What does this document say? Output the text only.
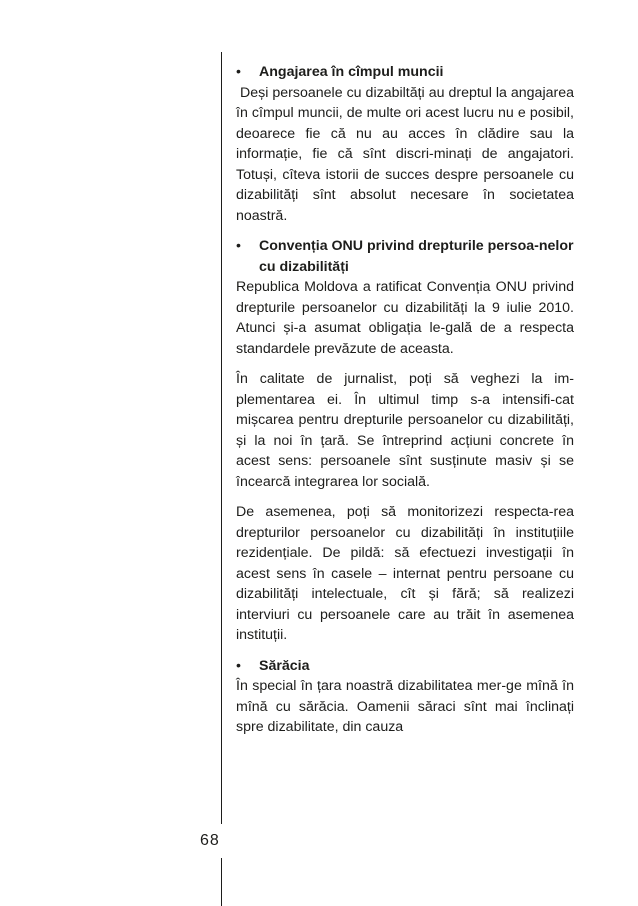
•	Angajarea în cîmpul muncii

Deși persoanele cu dizabiltăți au dreptul la angajarea în cîmpul muncii, de multe ori acest lucru nu e posibil, deoarece fie că nu au acces în clădire sau la informație, fie că sînt discri-minați de angajatori. Totuși, cîteva istorii de succes despre persoanele cu dizabilități sînt absolut necesare în societatea noastră.

•	Convenția ONU privind drepturile persoa-nelor cu dizabilități

Republica Moldova a ratificat Convenția ONU privind drepturile persoanelor cu dizabilități la 9 iulie 2010. Atunci și-a asumat obligația le-gală de a respecta standardele prevăzute de aceasta.

În calitate de jurnalist, poți să veghezi la im-plementarea ei. În ultimul timp s-a intensifi-cat mișcarea pentru drepturile persoanelor cu dizabilități, și la noi în țară. Se întreprind acțiuni concrete în acest sens: persoanele sînt susținute masiv și se încearcă integrarea lor socială.

De asemenea, poți să monitorizezi respecta-rea drepturilor persoanelor cu dizabilități în instituțiile rezidențiale. De pildă: să efectuezi investigații în acest sens în casele – internat pentru persoane cu dizabilități intelectuale, cît și fără; să realizezi interviuri cu persoanele care au trăit în asemenea instituții.

•	Sărăcia

În special în țara noastră dizabilitatea mer-ge mînă în mînă cu sărăcia. Oamenii săraci sînt mai înclinați spre dizabilitate, din cauza

68
